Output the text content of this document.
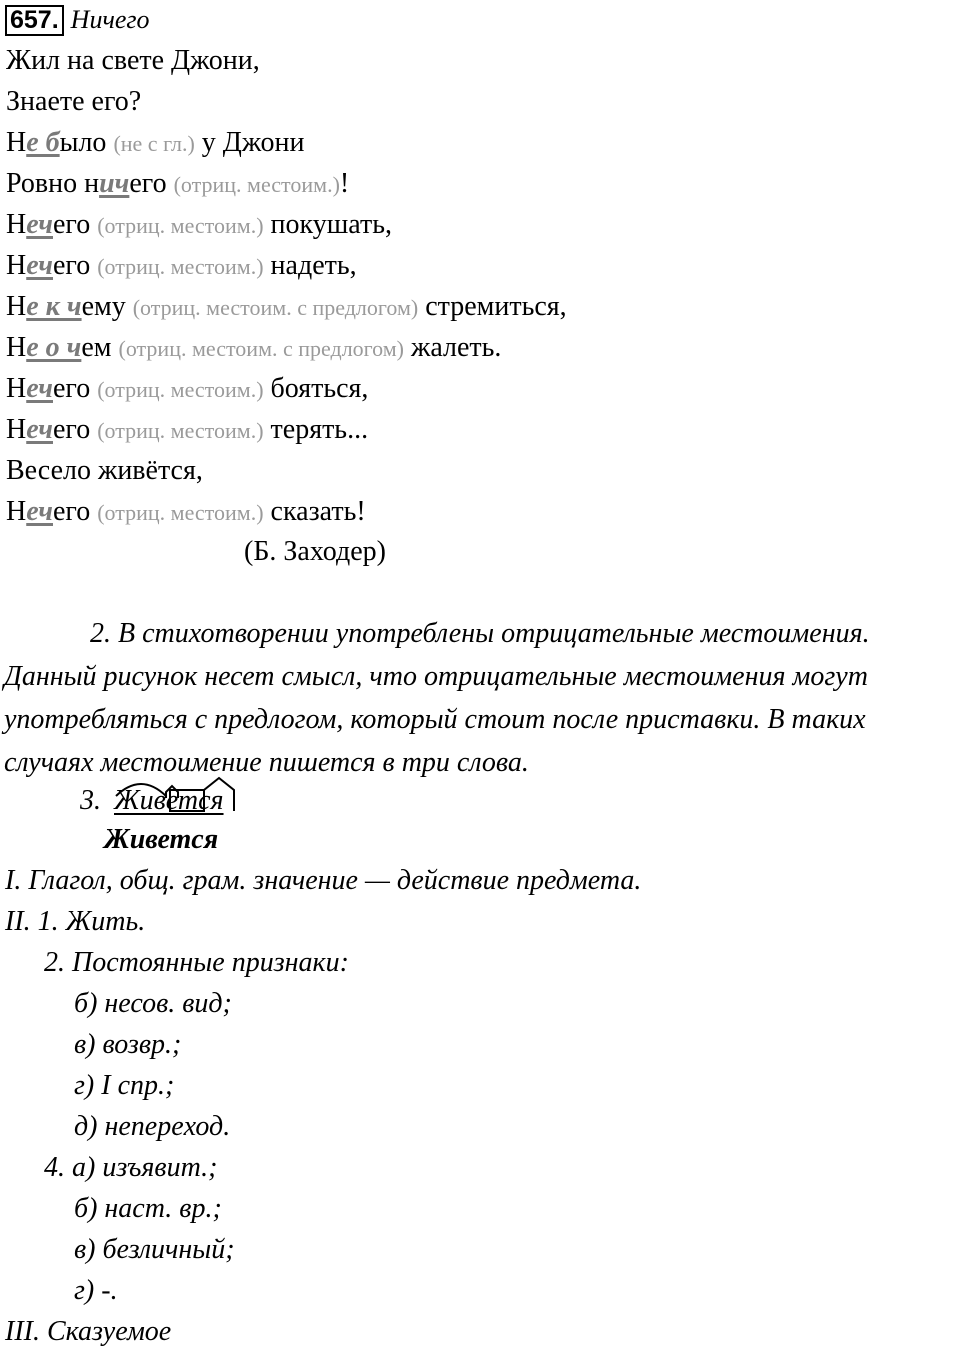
657. Ничего
Жил на свете Джони,
Знаете его?
Не было (не с гл.) у Джони
Ровно ничего (отриц. местоим.)!
Нечего (отриц. местоим.) покушать,
Нечего (отриц. местоим.) надеть,
Не к чему (отриц. местоим. с предлогом) стремиться,
Не о чем (отриц. местоим. с предлогом) жалеть.
Нечего (отриц. местоим.) бояться,
Нечего (отриц. местоим.) терять...
Весело живётся,
Нечего (отриц. местоим.) сказать!
(Б. Заходер)
2. В стихотворении употреблены отрицательные местоимения.
Данный рисунок несет смысл, что отрицательные местоимения могут
употребляться с предлогом, который стоит после приставки. В таких
случаях местоимение пишется в три слова.
3. Живется
Живется
I. Глагол, общ. грам. значение — действие предмета.
II. 1. Жить.
2. Постоянные признаки:
б) несов. вид;
в) возвр.;
г) I спр.;
д) неперeход.
4. а) изъявит.;
б) наст. вр.;
в) безличный;
г) -.
III. Сказуемое
